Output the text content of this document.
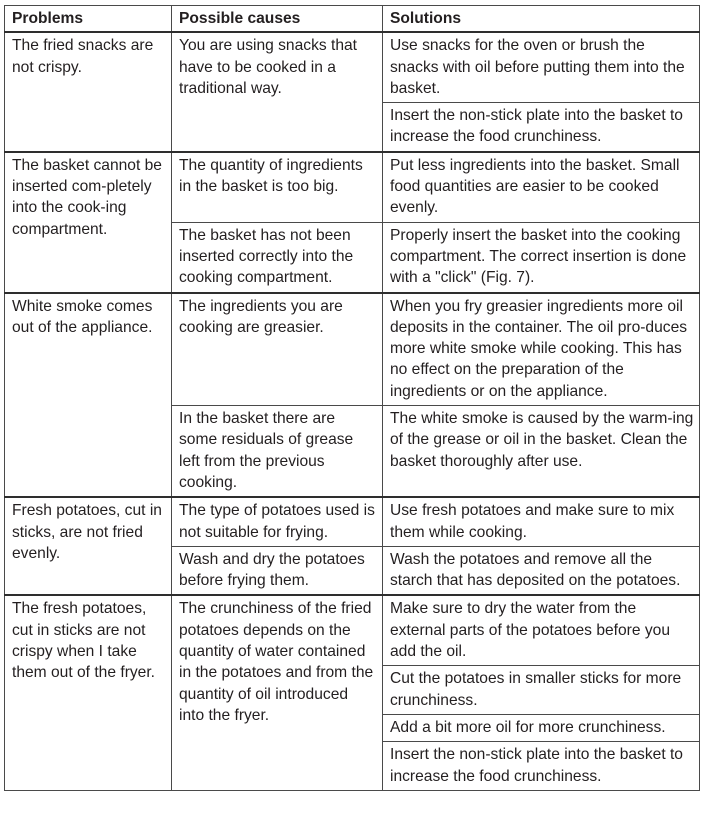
Problems	Possible causes	Solutions
The fried snacks are not crispy.	You are using snacks that have to be cooked in a traditional way.	Use snacks for the oven or brush the snacks with oil before putting them into the basket.
		Insert the non-stick plate into the basket to increase the food crunchiness.
The basket cannot be inserted com-pletely into the cook-ing compartment.	The quantity of ingredients in the basket is too big.	Put less ingredients into the basket. Small food quantities are easier to be cooked evenly.
	The basket has not been inserted correctly into the cooking compartment.	Properly insert the basket into the cooking compartment. The correct insertion is done with a "click" (Fig. 7).
White smoke comes out of the appliance.	The ingredients you are cooking are greasier.	When you fry greasier ingredients more oil deposits in the container. The oil pro-duces more white smoke while cooking. This has no effect on the preparation of the ingredients or on the appliance.
	In the basket there are some residuals of grease left from the previous cooking.	The white smoke is caused by the warm-ing of the grease or oil in the basket. Clean the basket thoroughly after use.
Fresh potatoes, cut in sticks, are not fried evenly.	The type of potatoes used is not suitable for frying.	Use fresh potatoes and make sure to mix them while cooking.
	Wash and dry the potatoes before frying them.	Wash the potatoes and remove all the starch that has deposited on the potatoes.
The fresh potatoes, cut in sticks are not crispy when I take them out of the fryer.	The crunchiness of the fried potatoes depends on the quantity of water contained in the potatoes and from the quantity of oil introduced into the fryer.	Make sure to dry the water from the external parts of the potatoes before you add the oil.
		Cut the potatoes in smaller sticks for more crunchiness.
		Add a bit more oil for more crunchiness.
		Insert the non-stick plate into the basket to increase the food crunchiness.
